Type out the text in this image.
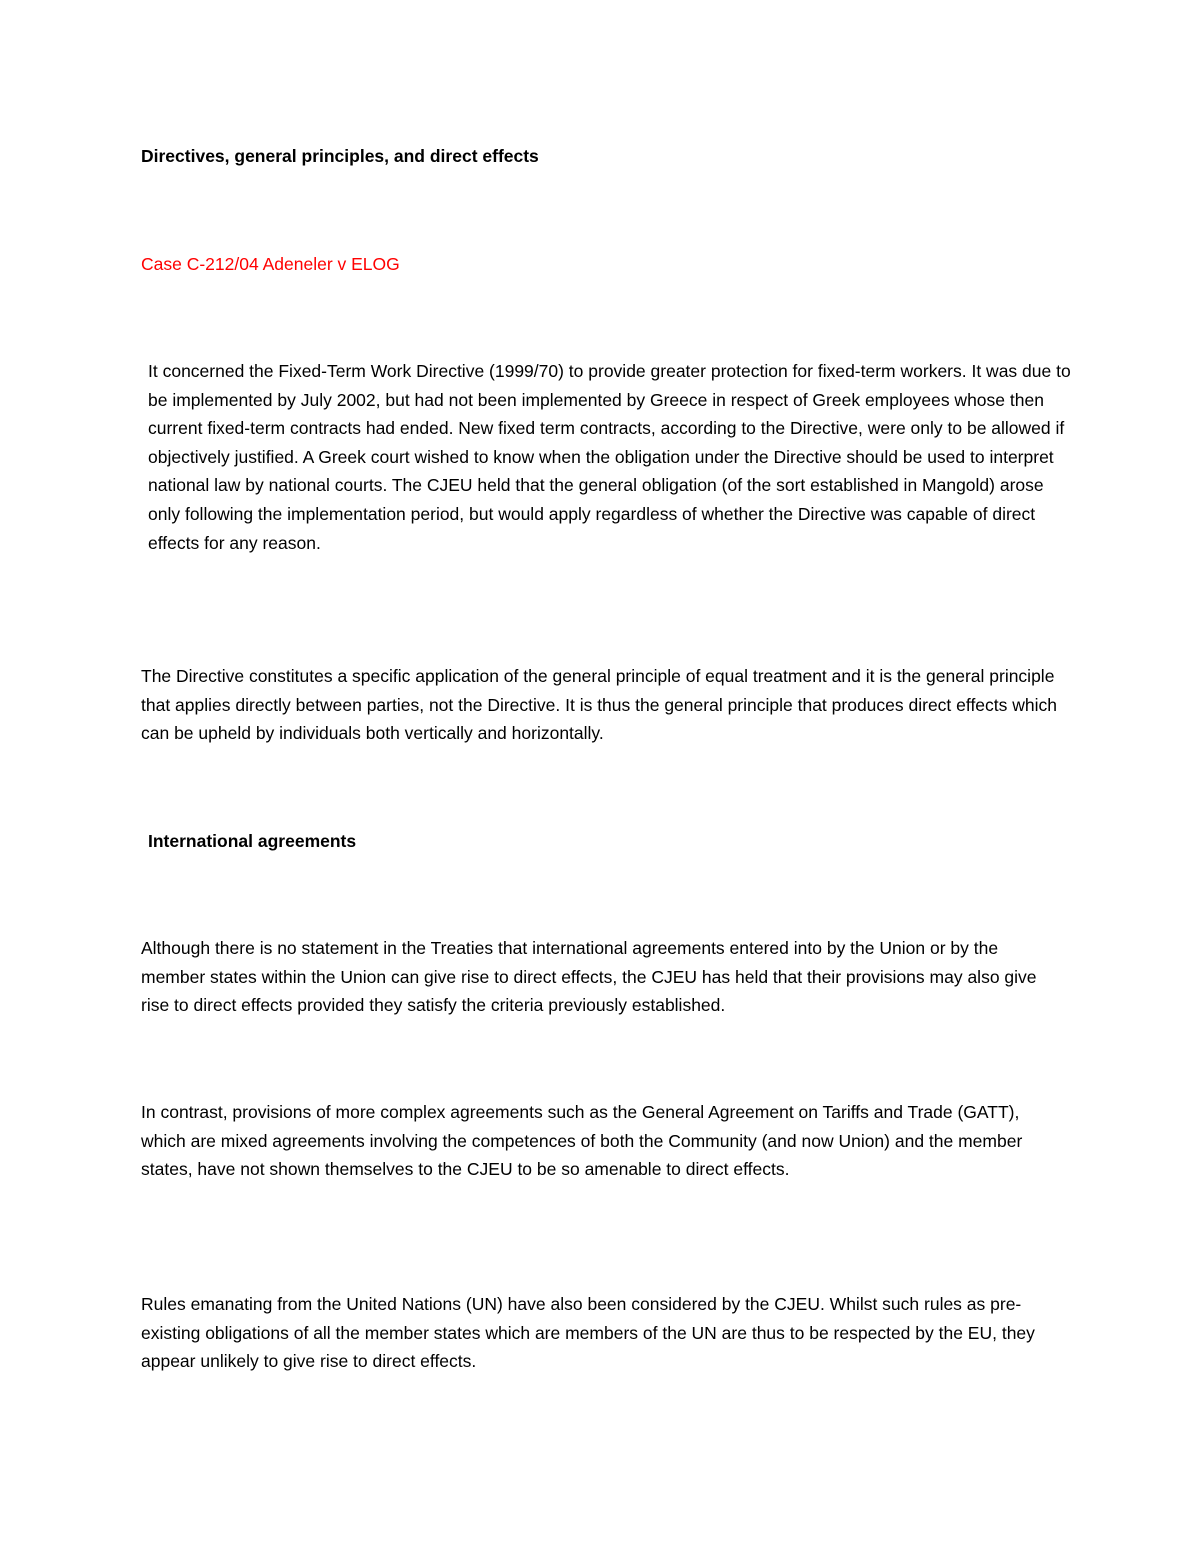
Directives, general principles, and direct effects

Case C-212/04 Adeneler v ELOG

It concerned the Fixed-Term Work Directive (1999/70) to provide greater protection for fixed-term workers. It was due to be implemented by July 2002, but had not been implemented by Greece in respect of Greek employees whose then current fixed-term contracts had ended. New fixed term contracts, according to the Directive, were only to be allowed if objectively justified. A Greek court wished to know when the obligation under the Directive should be used to interpret national law by national courts. The CJEU held that the general obligation (of the sort established in Mangold) arose only following the implementation period, but would apply regardless of whether the Directive was capable of direct effects for any reason.

The Directive constitutes a specific application of the general principle of equal treatment and it is the general principle that applies directly between parties, not the Directive. It is thus the general principle that produces direct effects which can be upheld by individuals both vertically and horizontally.

International agreements

Although there is no statement in the Treaties that international agreements entered into by the Union or by the member states within the Union can give rise to direct effects, the CJEU has held that their provisions may also give rise to direct effects provided they satisfy the criteria previously established.

In contrast, provisions of more complex agreements such as the General Agreement on Tariffs and Trade (GATT), which are mixed agreements involving the competences of both the Community (and now Union) and the member states, have not shown themselves to the CJEU to be so amenable to direct effects.

Rules emanating from the United Nations (UN) have also been considered by the CJEU. Whilst such rules as pre-existing obligations of all the member states which are members of the UN are thus to be respected by the EU, they appear unlikely to give rise to direct effects.
